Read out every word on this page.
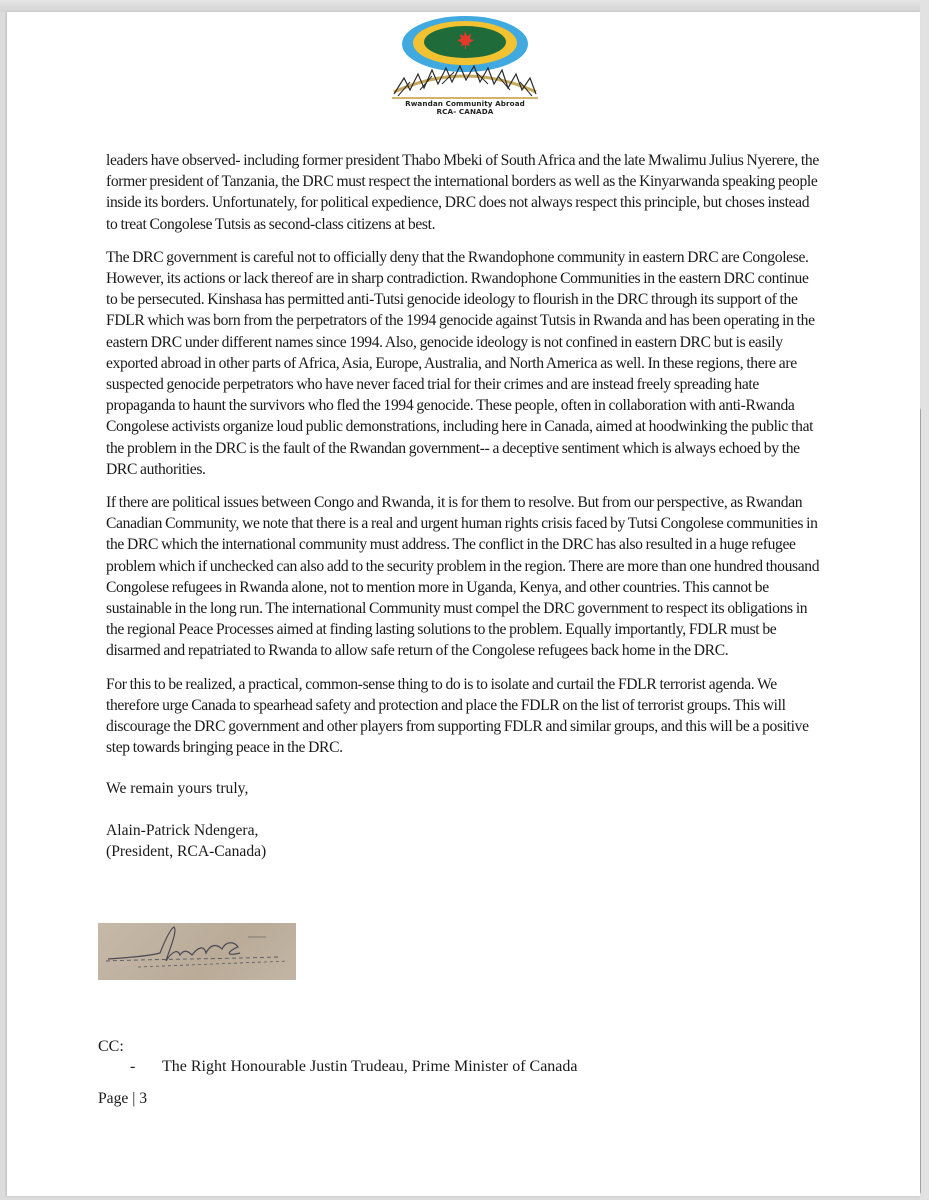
Rwandan Community Abroad
RCA- CANADA

leaders have observed- including former president Thabo Mbeki of South Africa and the late Mwalimu Julius Nyerere, the former president of Tanzania, the DRC must respect the international borders as well as the Kinyarwanda speaking people inside its borders. Unfortunately, for political expedience, DRC does not always respect this principle, but choses instead to treat Congolese Tutsis as second-class citizens at best.

The DRC government is careful not to officially deny that the Rwandophone community in eastern DRC are Congolese. However, its actions or lack thereof are in sharp contradiction. Rwandophone Communities in the eastern DRC continue to be persecuted. Kinshasa has permitted anti-Tutsi genocide ideology to flourish in the DRC through its support of the FDLR which was born from the perpetrators of the 1994 genocide against Tutsis in Rwanda and has been operating in the eastern DRC under different names since 1994. Also, genocide ideology is not confined in eastern DRC but is easily exported abroad in other parts of Africa, Asia, Europe, Australia, and North America as well. In these regions, there are suspected genocide perpetrators who have never faced trial for their crimes and are instead freely spreading hate propaganda to haunt the survivors who fled the 1994 genocide. These people, often in collaboration with anti-Rwanda Congolese activists organize loud public demonstrations, including here in Canada, aimed at hoodwinking the public that the problem in the DRC is the fault of the Rwandan government-- a deceptive sentiment which is always echoed by the DRC authorities.

If there are political issues between Congo and Rwanda, it is for them to resolve. But from our perspective, as Rwandan Canadian Community, we note that there is a real and urgent human rights crisis faced by Tutsi Congolese communities in the DRC which the international community must address. The conflict in the DRC has also resulted in a huge refugee problem which if unchecked can also add to the security problem in the region. There are more than one hundred thousand Congolese refugees in Rwanda alone, not to mention more in Uganda, Kenya, and other countries. This cannot be sustainable in the long run. The international Community must compel the DRC government to respect its obligations in the regional Peace Processes aimed at finding lasting solutions to the problem. Equally importantly, FDLR must be disarmed and repatriated to Rwanda to allow safe return of the Congolese refugees back home in the DRC.

For this to be realized, a practical, common-sense thing to do is to isolate and curtail the FDLR terrorist agenda. We therefore urge Canada to spearhead safety and protection and place the FDLR on the list of terrorist groups. This will discourage the DRC government and other players from supporting FDLR and similar groups, and this will be a positive step towards bringing peace in the DRC.

We remain yours truly,
Alain-Patrick Ndengera,
(President, RCA-Canada)
CC:
- The Right Honourable Justin Trudeau, Prime Minister of Canada
Page | 3
